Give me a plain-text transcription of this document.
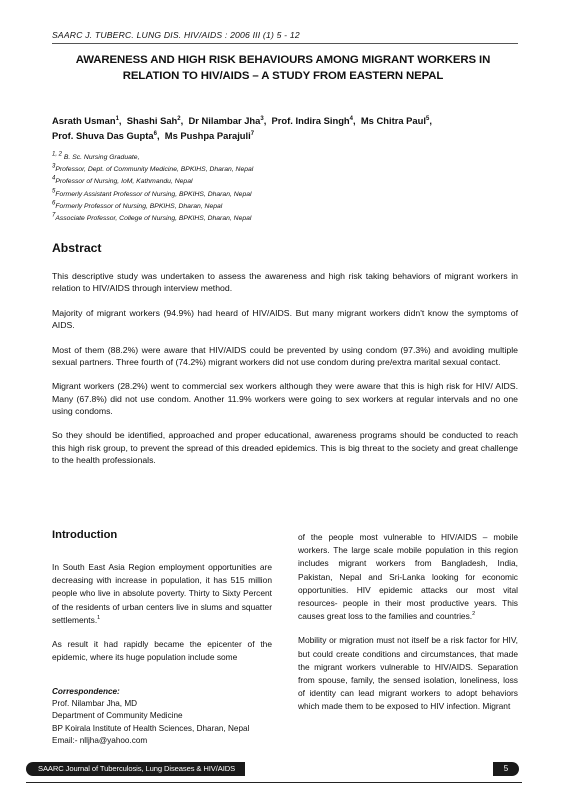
SAARC J. TUBERC. LUNG DIS. HIV/AIDS : 2006 III (1) 5 - 12
AWARENESS AND HIGH RISK BEHAVIOURS AMONG MIGRANT WORKERS IN
RELATION TO HIV/AIDS – A STUDY FROM EASTERN NEPAL
Asrath Usman$^1$,  Shashi Sah$^2$,  Dr Nilambar Jha$^3$,  Prof. Indira Singh$^4$,  Ms Chitra Paul$^5$,
Prof. Shuva Das Gupta$^6$,  Ms Pushpa Parajuli$^7$
$^{1, 2}$ B. Sc. Nursing Graduate,
$^3$Professor, Dept. of Community Medicine, BPKIHS, Dharan, Nepal
$^4$Professor of Nursing, IoM, Kathmandu, Nepal
$^5$Formerly Assistant Professor of Nursing, BPKIHS, Dharan, Nepal
$^6$Formerly Professor of Nursing, BPKIHS, Dharan, Nepal
$^7$Associate Professor, College of Nursing, BPKIHS, Dharan, Nepal
Abstract

This descriptive study was undertaken to assess the awareness and high risk taking behaviors of migrant workers in relation to HIV/AIDS through interview method.

Majority of migrant workers (94.9%) had heard of HIV/AIDS. But many migrant workers didn't know the symptoms of AIDS.

Most of them (88.2%) were aware that HIV/AIDS could be prevented by using condom (97.3%) and avoiding multiple sexual partners. Three fourth of (74.2%) migrant workers did not use condom during pre/extra marital sexual contact.

Migrant workers (28.2%) went to commercial sex workers although they were aware that this is high risk for HIV/ AIDS. Many (67.8%) did not use condom. Another 11.9% workers were going to sex workers at regular intervals and no one using condoms.

So they should be identified, approached and proper educational, awareness programs should be conducted to reach this high risk group, to prevent the spread of this dreaded epidemics. This is big threat to the society and great challenge to the health professionals.

Introduction

In South East Asia Region employment opportunities are decreasing with increase in population, it has 515 million people who live in absolute poverty. Thirty to Sixty Percent of the residents of urban centers live in slums and squatter settlements.$^1$

As result it had rapidly became the epicenter of the epidemic, where its huge population include some

of the people most vulnerable to HIV/AIDS – mobile workers. The large scale mobile population in this region includes migrant workers from Bangladesh, India, Pakistan, Nepal and Sri-Lanka looking for economic opportunities. HIV epidemic attacks our most vital resources- people in their most productive years. This causes great loss to the families and countries.$^2$

Mobility or migration must not itself be a risk factor for HIV, but could create conditions and circumstances, that made the migrant workers vulnerable to HIV/AIDS. Separation from spouse, family, the sensed isolation, loneliness, loss of identity can lead migrant workers to adopt behaviors which made them to be exposed to HIV infection. Migrant

Correspondence:
Prof. Nilambar Jha, MD
Department of Community Medicine
BP Koirala Institute of Health Sciences, Dharan, Nepal
Email:- nlljha@yahoo.com
SAARC Journal of Tuberculosis, Lung Diseases & HIV/AIDS	5
